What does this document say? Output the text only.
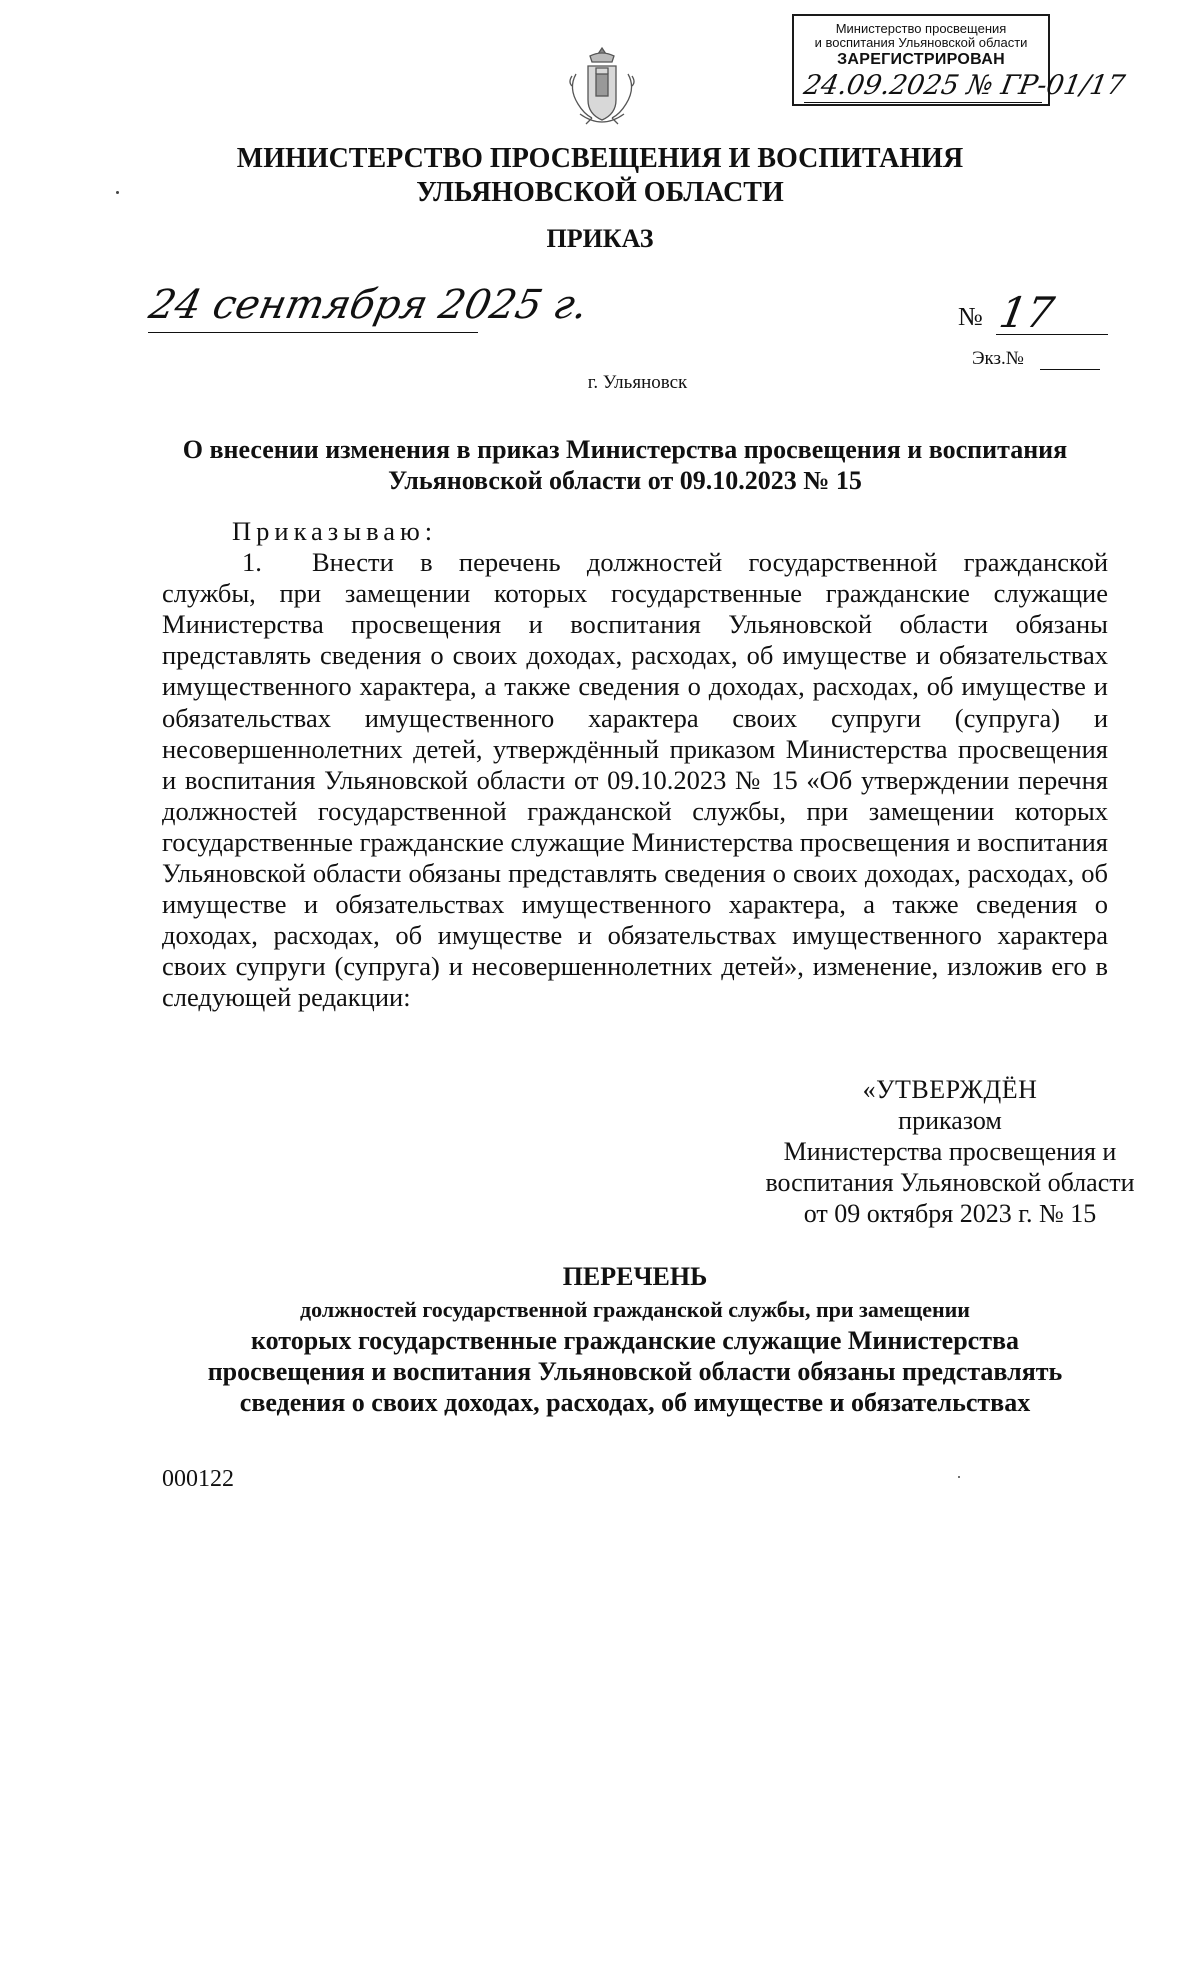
Министерство просвещения
и воспитания Ульяновской области
ЗАРЕГИСТРИРОВАН
24.09.2025 № ГР-01/17
МИНИСТЕРСТВО ПРОСВЕЩЕНИЯ И ВОСПИТАНИЯ
УЛЬЯНОВСКОЙ ОБЛАСТИ
ПРИКАЗ
24 сентября 2025 г.	№ 17
Экз.№
г. Ульяновск
О внесении изменения в приказ Министерства просвещения и воспитания
Ульяновской области от 09.10.2023 № 15

Приказываю:

1. Внести в перечень должностей государственной гражданской службы, при замещении которых государственные гражданские служащие Министерства просвещения и воспитания Ульяновской области обязаны представлять сведения о своих доходах, расходах, об имуществе и обязательствах имущественного характера, а также сведения о доходах, расходах, об имуществе и обязательствах имущественного характера своих супруги (супруга) и несовершеннолетних детей, утверждённый приказом Министерства просвещения и воспитания Ульяновской области от 09.10.2023 № 15 «Об утверждении перечня должностей государственной гражданской службы, при замещении которых государственные гражданские служащие Министерства просвещения и воспитания Ульяновской области обязаны представлять сведения о своих доходах, расходах, об имуществе и обязательствах имущественного характера, а также сведения о доходах, расходах, об имуществе и обязательствах имущественного характера своих супруги (супруга) и несовершеннолетних детей», изменение, изложив его в следующей редакции:

«УТВЕРЖДЁН
приказом
Министерства просвещения и
воспитания Ульяновской области
от 09 октября 2023 г. № 15
ПЕРЕЧЕНЬ
должностей государственной гражданской службы, при замещении
которых государственные гражданские служащие Министерства
просвещения и воспитания Ульяновской области обязаны представлять
сведения о своих доходах, расходах, об имуществе и обязательствах
000122
